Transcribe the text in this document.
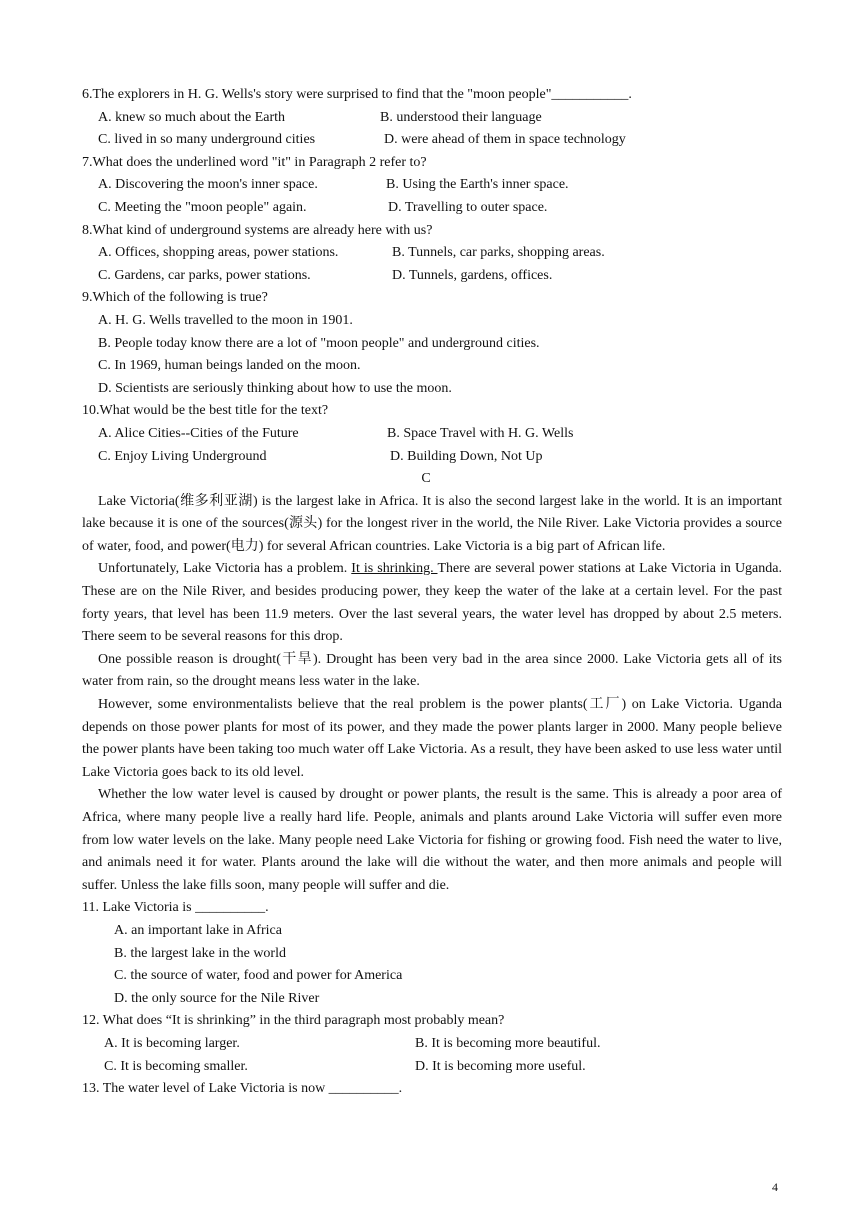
6.The explorers in H. G. Wells's story were surprised to find that the "moon people"___________.
A. knew so much about the Earth	B. understood their language
C. lived in so many underground cities	D. were ahead of them in space technology
7.What does the underlined word "it" in Paragraph 2 refer to?
A. Discovering the moon's inner space.	B. Using the Earth's inner space.
C. Meeting the "moon people" again.	D. Travelling to outer space.
8.What kind of underground systems are already here with us?
A. Offices, shopping areas, power stations.	B. Tunnels, car parks, shopping areas.
C. Gardens, car parks, power stations.	D. Tunnels, gardens, offices.
9.Which of the following is true?
A. H. G. Wells travelled to the moon in 1901.
B. People today know there are a lot of "moon people" and underground cities.
C. In 1969, human beings landed on the moon.
D. Scientists are seriously thinking about how to use the moon.
10.What would be the best title for the text?
A. Alice Cities--Cities of the Future	B. Space Travel with H. G. Wells
C. Enjoy Living Underground	D. Building Down, Not Up
C

Lake Victoria(维多利亚湖) is the largest lake in Africa. It is also the second largest lake in the world. It is an important lake because it is one of the sources(源头) for the longest river in the world, the Nile River. Lake Victoria provides a source of water, food, and power(电力) for several African countries. Lake Victoria is a big part of African life.

Unfortunately, Lake Victoria has a problem. It is shrinking. There are several power stations at Lake Victoria in Uganda. These are on the Nile River, and besides producing power, they keep the water of the lake at a certain level. For the past forty years, that level has been 11.9 meters. Over the last several years, the water level has dropped by about 2.5 meters. There seem to be several reasons for this drop.

One possible reason is drought(干旱). Drought has been very bad in the area since 2000. Lake Victoria gets all of its water from rain, so the drought means less water in the lake.

However, some environmentalists believe that the real problem is the power plants(工厂) on Lake Victoria. Uganda depends on those power plants for most of its power, and they made the power plants larger in 2000. Many people believe the power plants have been taking too much water off Lake Victoria. As a result, they have been asked to use less water until Lake Victoria goes back to its old level.

Whether the low water level is caused by drought or power plants, the result is the same. This is already a poor area of Africa, where many people live a really hard life. People, animals and plants around Lake Victoria will suffer even more from low water levels on the lake. Many people need Lake Victoria for fishing or growing food. Fish need the water to live, and animals need it for water. Plants around the lake will die without the water, and then more animals and people will suffer. Unless the lake fills soon, many people will suffer and die.

11. Lake Victoria is __________.
A. an important lake in Africa
B. the largest lake in the world
C. the source of water, food and power for America
D. the only source for the Nile River
12. What does “It is shrinking” in the third paragraph most probably mean?
A. It is becoming larger.	B. It is becoming more beautiful.
C. It is becoming smaller.	D. It is becoming more useful.
13. The water level of Lake Victoria is now __________.
4
